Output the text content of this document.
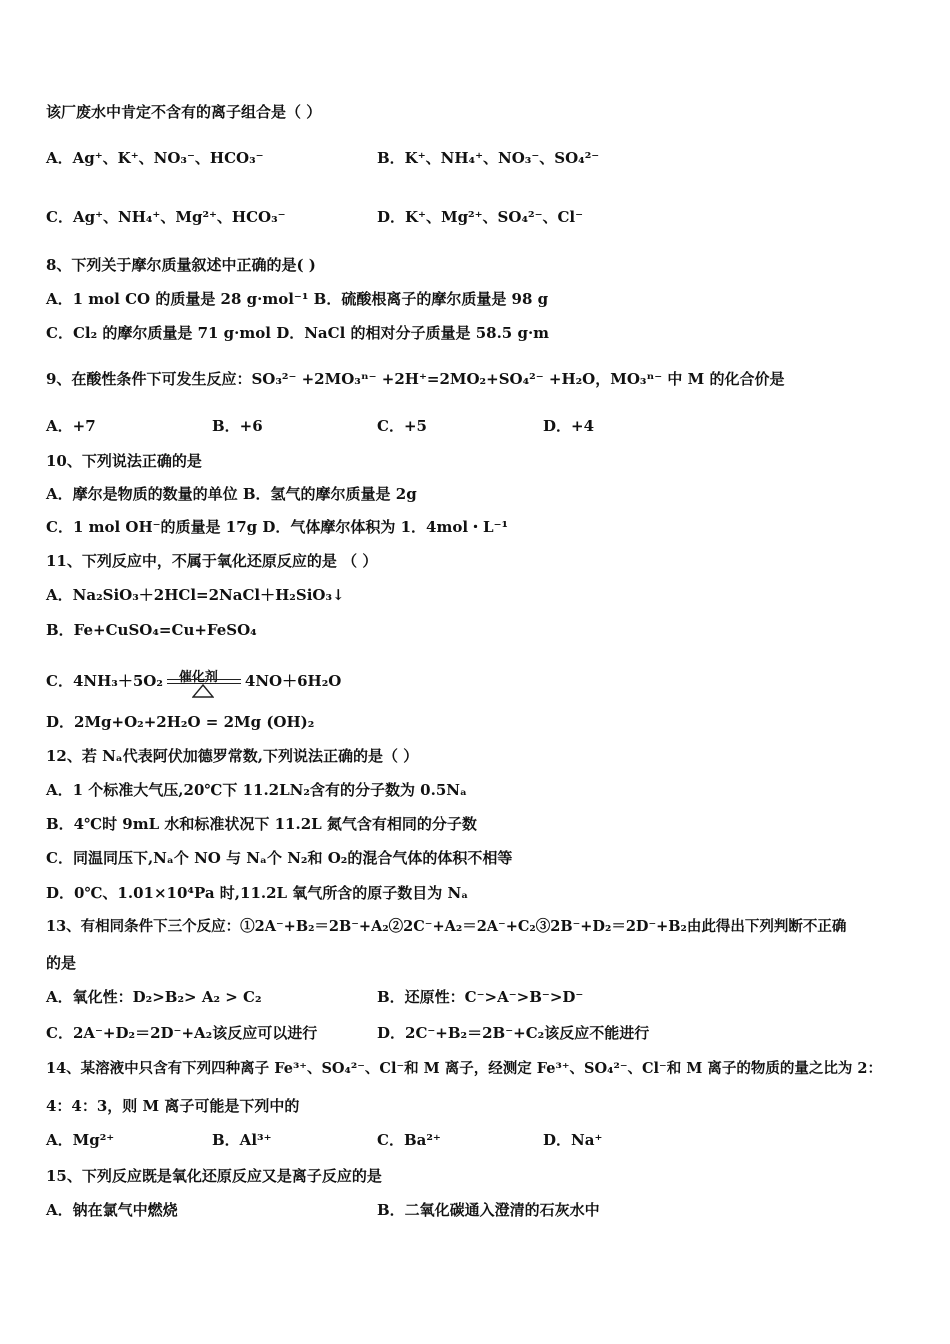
该厂废水中肯定不含有的离子组合是（ ）
A．Ag⁺、K⁺、NO₃⁻、HCO₃⁻	B．K⁺、NH₄⁺、NO₃⁻、SO₄²⁻
C．Ag⁺、NH₄⁺、Mg²⁺、HCO₃⁻	D．K⁺、Mg²⁺、SO₄²⁻、Cl⁻
8、下列关于摩尔质量叙述中正确的是( )
A．1 mol CO 的质量是 28 g·mol⁻¹ B．硫酸根离子的摩尔质量是 98 g
C．Cl₂ 的摩尔质量是 71 g·mol D．NaCl 的相对分子质量是 58.5 g·m
9、在酸性条件下可发生反应：SO₃²⁻ +2MO₃ⁿ⁻ +2H⁺=2MO₂+SO₄²⁻ +H₂O，MO₃ⁿ⁻ 中 M 的化合价是
A．+7	B．+6	C．+5	D．+4
10、下列说法正确的是
A．摩尔是物质的数量的单位 B．氢气的摩尔质量是 2g
C．1 mol OH⁻的质量是 17g D．气体摩尔体积为 1．4mol・L⁻¹
11、下列反应中，不属于氧化还原反应的是 （ ）
A．Na₂SiO₃＋2HCl=2NaCl＋H₂SiO₃↓
B．Fe+CuSO₄=Cu+FeSO₄
C．4NH₃＋5O₂ 催化剂 4NO＋6H₂O
D．2Mg+O₂+2H₂O = 2Mg (OH)₂
12、若 Nₐ代表阿伏加德罗常数,下列说法正确的是（ ）
A．1 个标准大气压,20℃下 11.2LN₂含有的分子数为 0.5Nₐ
B．4℃时 9mL 水和标准状况下 11.2L 氮气含有相同的分子数
C．同温同压下,Nₐ个 NO 与 Nₐ个 N₂和 O₂的混合气体的体积不相等
D．0℃、1.01×10⁴Pa 时,11.2L 氧气所含的原子数目为 Nₐ
13、有相同条件下三个反应：①2A⁻+B₂＝2B⁻+A₂②2C⁻+A₂＝2A⁻+C₂③2B⁻+D₂＝2D⁻+B₂由此得出下列判断不正确
的是
A．氧化性：D₂>B₂> A₂ > C₂	B．还原性：C⁻>A⁻>B⁻>D⁻
C．2A⁻+D₂＝2D⁻+A₂该反应可以进行	D．2C⁻+B₂＝2B⁻+C₂该反应不能进行
14、某溶液中只含有下列四种离子 Fe³⁺、SO₄²⁻、Cl⁻和 M 离子，经测定 Fe³⁺、SO₄²⁻、Cl⁻和 M 离子的物质的量之比为 2：
4：4：3，则 M 离子可能是下列中的
A．Mg²⁺	B．Al³⁺	C．Ba²⁺	D．Na⁺
15、下列反应既是氧化还原反应又是离子反应的是
A．钠在氯气中燃烧	B．二氧化碳通入澄清的石灰水中
